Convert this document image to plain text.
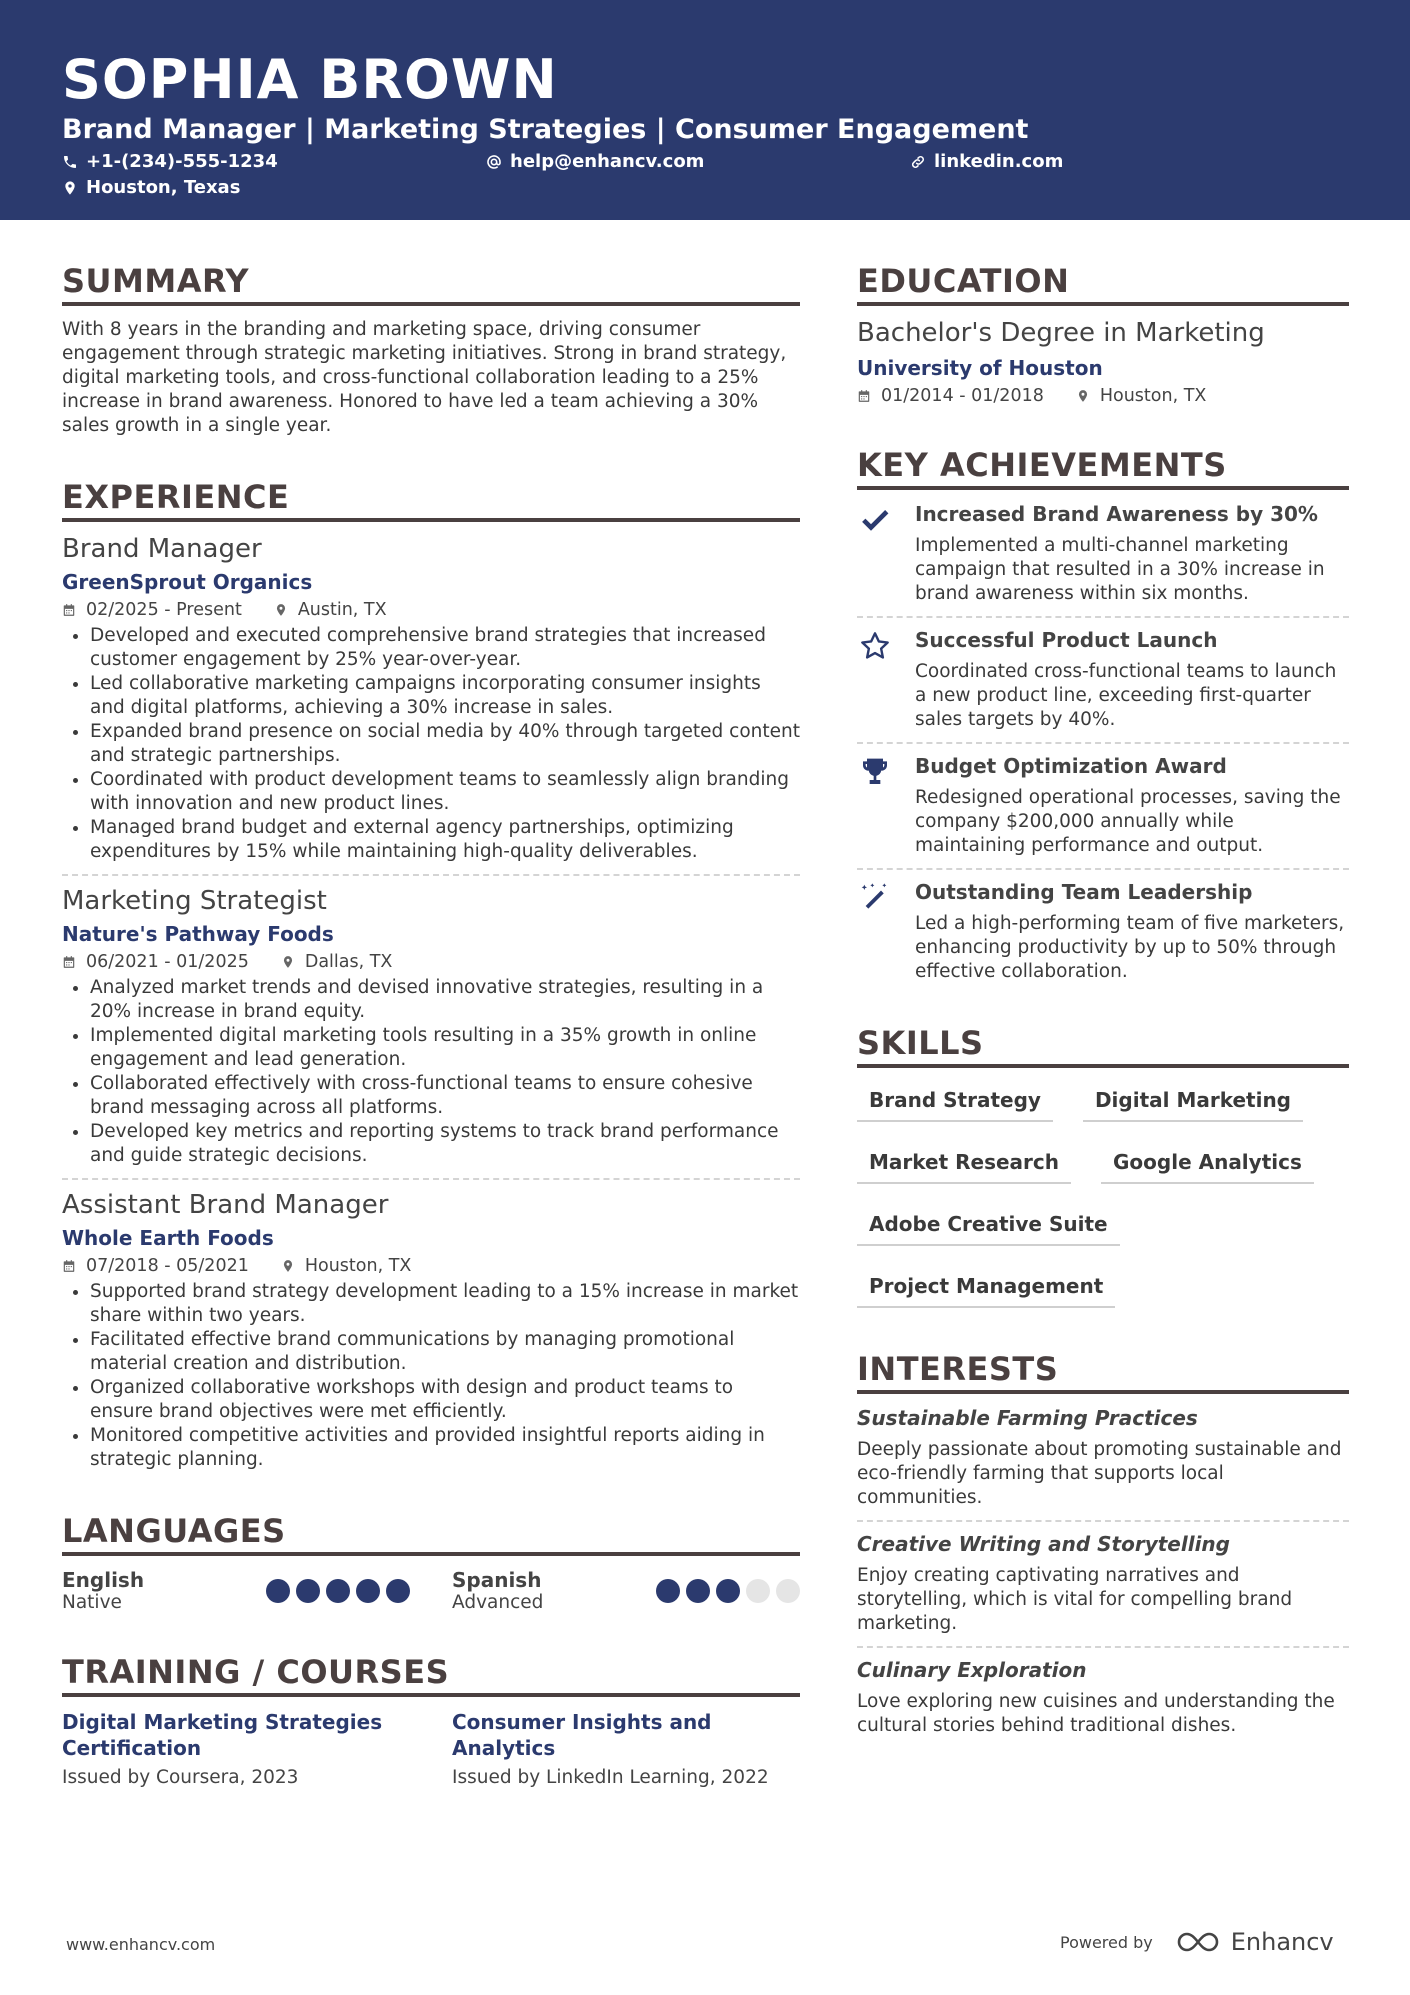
SOPHIA BROWN
Brand Manager | Marketing Strategies | Consumer Engagement
+1-(234)-555-1234	help@enhancv.com	linkedin.com
Houston, Texas
SUMMARY

With 8 years in the branding and marketing space, driving consumer engagement through strategic marketing initiatives. Strong in brand strategy, digital marketing tools, and cross-functional collaboration leading to a 25% increase in brand awareness. Honored to have led a team achieving a 30% sales growth in a single year.

EXPERIENCE
Brand Manager
GreenSprout Organics
02/2025 - Present	Austin, TX
• Developed and executed comprehensive brand strategies that increased customer engagement by 25% year-over-year.
• Led collaborative marketing campaigns incorporating consumer insights and digital platforms, achieving a 30% increase in sales.
• Expanded brand presence on social media by 40% through targeted content and strategic partnerships.
• Coordinated with product development teams to seamlessly align branding with innovation and new product lines.
• Managed brand budget and external agency partnerships, optimizing expenditures by 15% while maintaining high-quality deliverables.
Marketing Strategist
Nature's Pathway Foods
06/2021 - 01/2025	Dallas, TX
• Analyzed market trends and devised innovative strategies, resulting in a 20% increase in brand equity.
• Implemented digital marketing tools resulting in a 35% growth in online engagement and lead generation.
• Collaborated effectively with cross-functional teams to ensure cohesive brand messaging across all platforms.
• Developed key metrics and reporting systems to track brand performance and guide strategic decisions.
Assistant Brand Manager
Whole Earth Foods
07/2018 - 05/2021	Houston, TX
• Supported brand strategy development leading to a 15% increase in market share within two years.
• Facilitated effective brand communications by managing promotional material creation and distribution.
• Organized collaborative workshops with design and product teams to ensure brand objectives were met efficiently.
• Monitored competitive activities and provided insightful reports aiding in strategic planning.
LANGUAGES
English
Native
Spanish
Advanced
TRAINING / COURSES
Digital Marketing Strategies Certification
Issued by Coursera, 2023
Consumer Insights and Analytics
Issued by LinkedIn Learning, 2022
EDUCATION
Bachelor's Degree in Marketing
University of Houston
01/2014 - 01/2018	Houston, TX
KEY ACHIEVEMENTS
Increased Brand Awareness by 30%

Implemented a multi-channel marketing campaign that resulted in a 30% increase in brand awareness within six months.

Successful Product Launch

Coordinated cross-functional teams to launch a new product line, exceeding first-quarter sales targets by 40%.

Budget Optimization Award

Redesigned operational processes, saving the company $200,000 annually while maintaining performance and output.

Outstanding Team Leadership

Led a high-performing team of five marketers, enhancing productivity by up to 50% through effective collaboration.

SKILLS
Brand Strategy	Digital Marketing
Market Research	Google Analytics
Adobe Creative Suite
Project Management
INTERESTS
Sustainable Farming Practices

Deeply passionate about promoting sustainable and eco-friendly farming that supports local communities.

Creative Writing and Storytelling

Enjoy creating captivating narratives and storytelling, which is vital for compelling brand marketing.

Culinary Exploration

Love exploring new cuisines and understanding the cultural stories behind traditional dishes.

www.enhancv.com	Powered by	Enhancv
